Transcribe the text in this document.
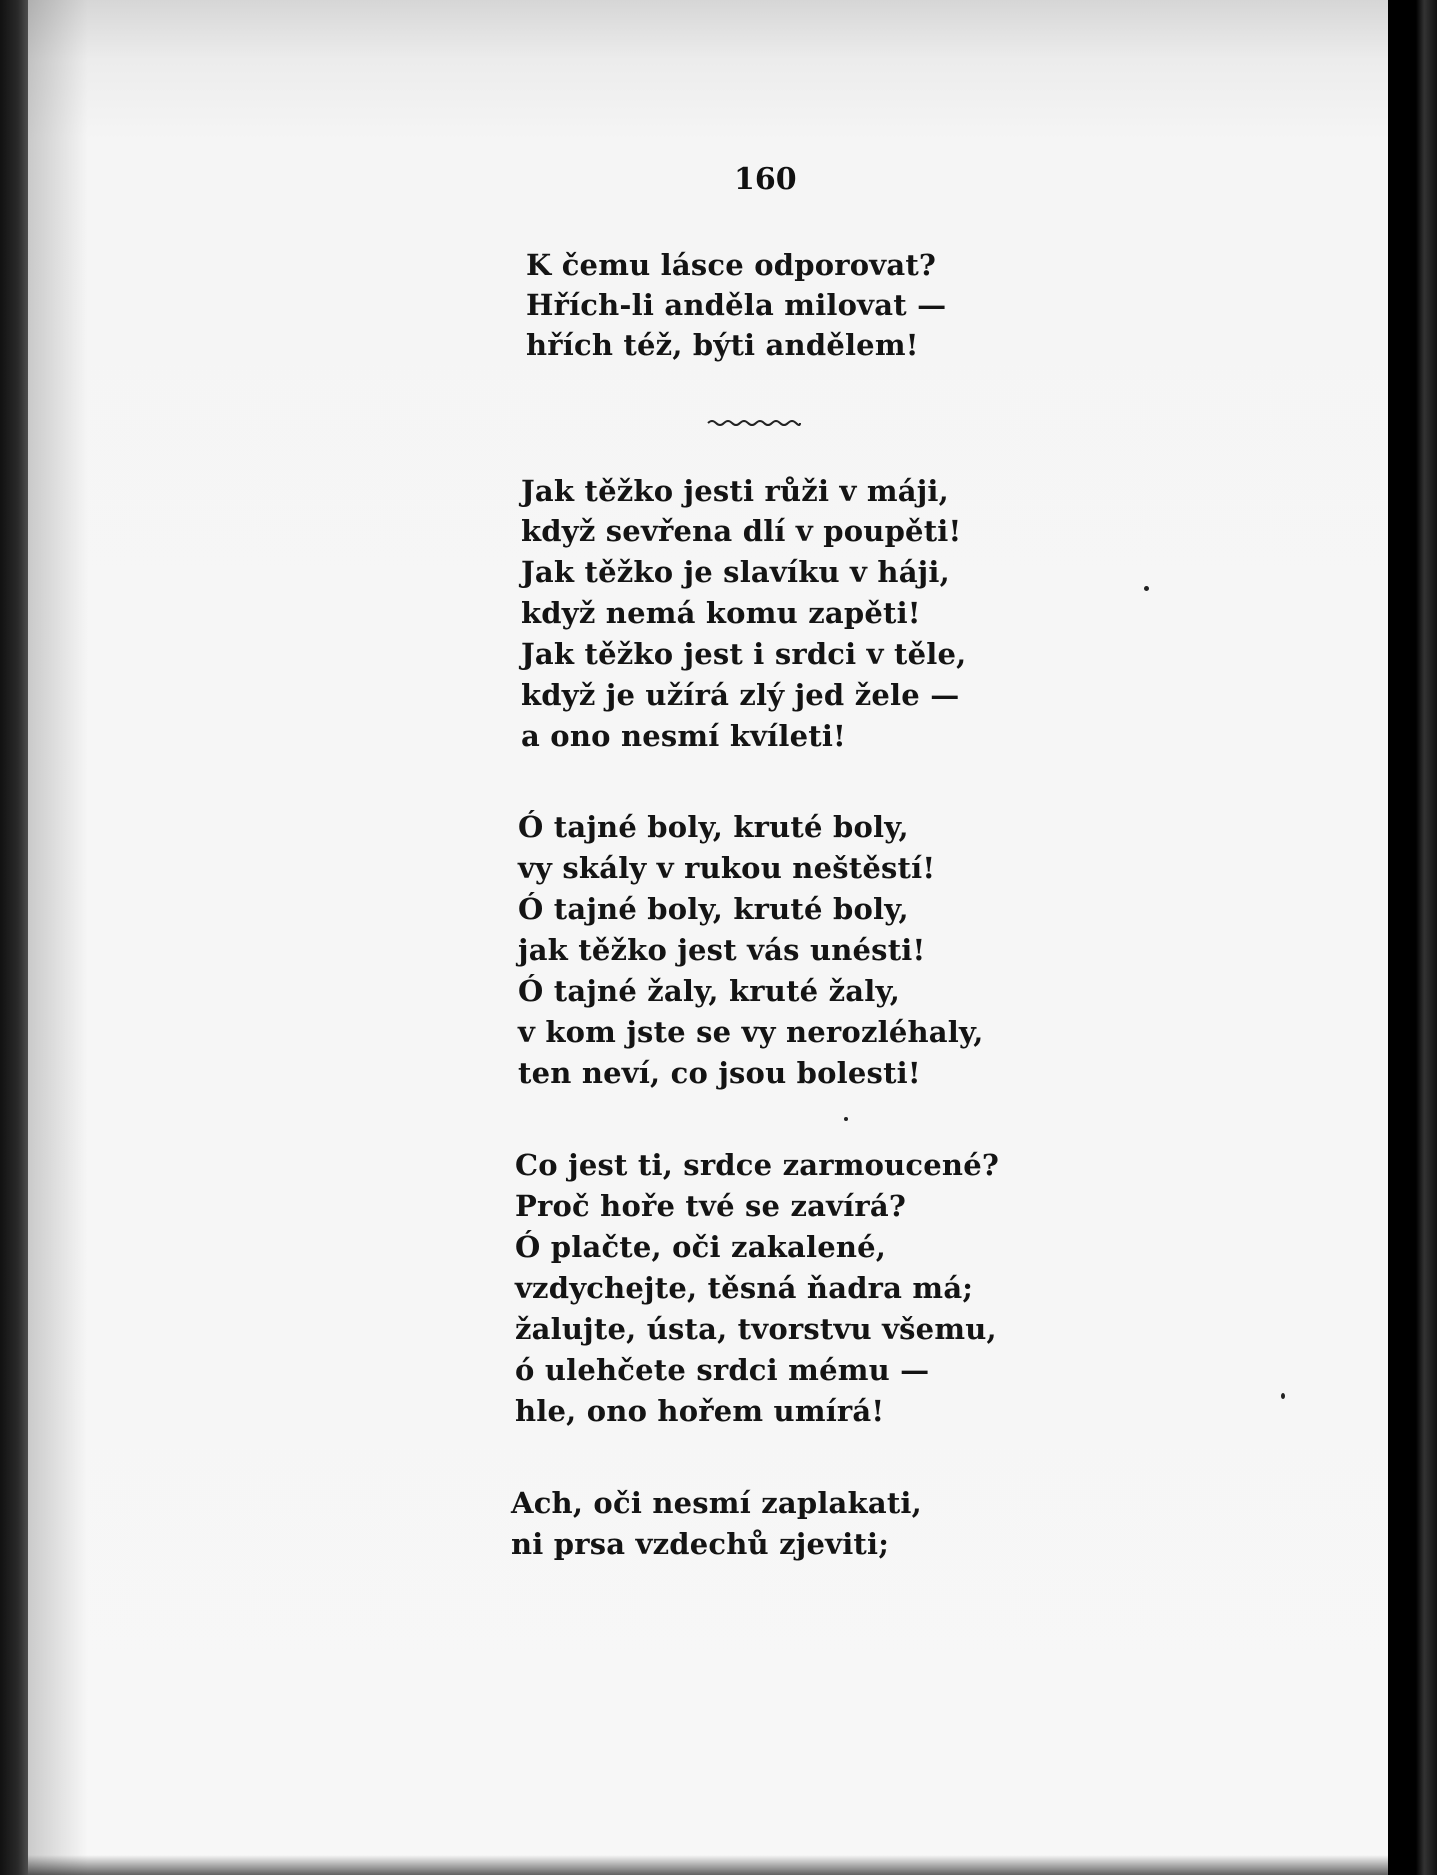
160
K čemu lásce odporovat?
Hřích-li anděla milovat —
hřích též, býti andělem!
Jak těžko jesti růži v máji,
když sevřena dlí v poupěti!
Jak těžko je slavíku v háji,
když nemá komu zapěti!
Jak těžko jest i srdci v těle,
když je užírá zlý jed žele —
a ono nesmí kvíleti!
Ó tajné boly, kruté boly,
vy skály v rukou neštěstí!
Ó tajné boly, kruté boly,
jak těžko jest vás unésti!
Ó tajné žaly, kruté žaly,
v kom jste se vy nerozléhaly,
ten neví, co jsou bolesti!
Co jest ti, srdce zarmoucené?
Proč hoře tvé se zavírá?
Ó plačte, oči zakalené,
vzdychejte, těsná ňadra má;
žalujte, ústa, tvorstvu všemu,
ó ulehčete srdci mému —
hle, ono hořem umírá!
Ach, oči nesmí zaplakati,
ni prsa vzdechů zjeviti;
